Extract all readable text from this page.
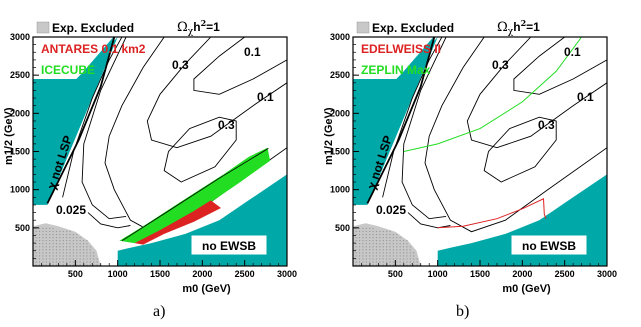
500	1000 1500 2000 2500 3000
500
1000
1500
2000
2500
3000
m0 (GeV)
m1/2 (GeV)
Exp. Excluded	$\Omega_\chi h^2=1$
ANTARES 0.1 km2
ICECUBE	0.3
0.1
0.1
0.3
0.025
χ not LSP
no EWSB
500	1000 1500 2000 2500 3000
500
1000
1500
2000
2500
3000
m0 (GeV)
m1/2 (GeV)
Exp. Excluded	$\Omega_\chi h^2=1$
EDELWEISS II
ZEPLIN Max	0.3
0.1
0.1
0.3
0.025
χ not LSP
no EWSB
a)	b)
